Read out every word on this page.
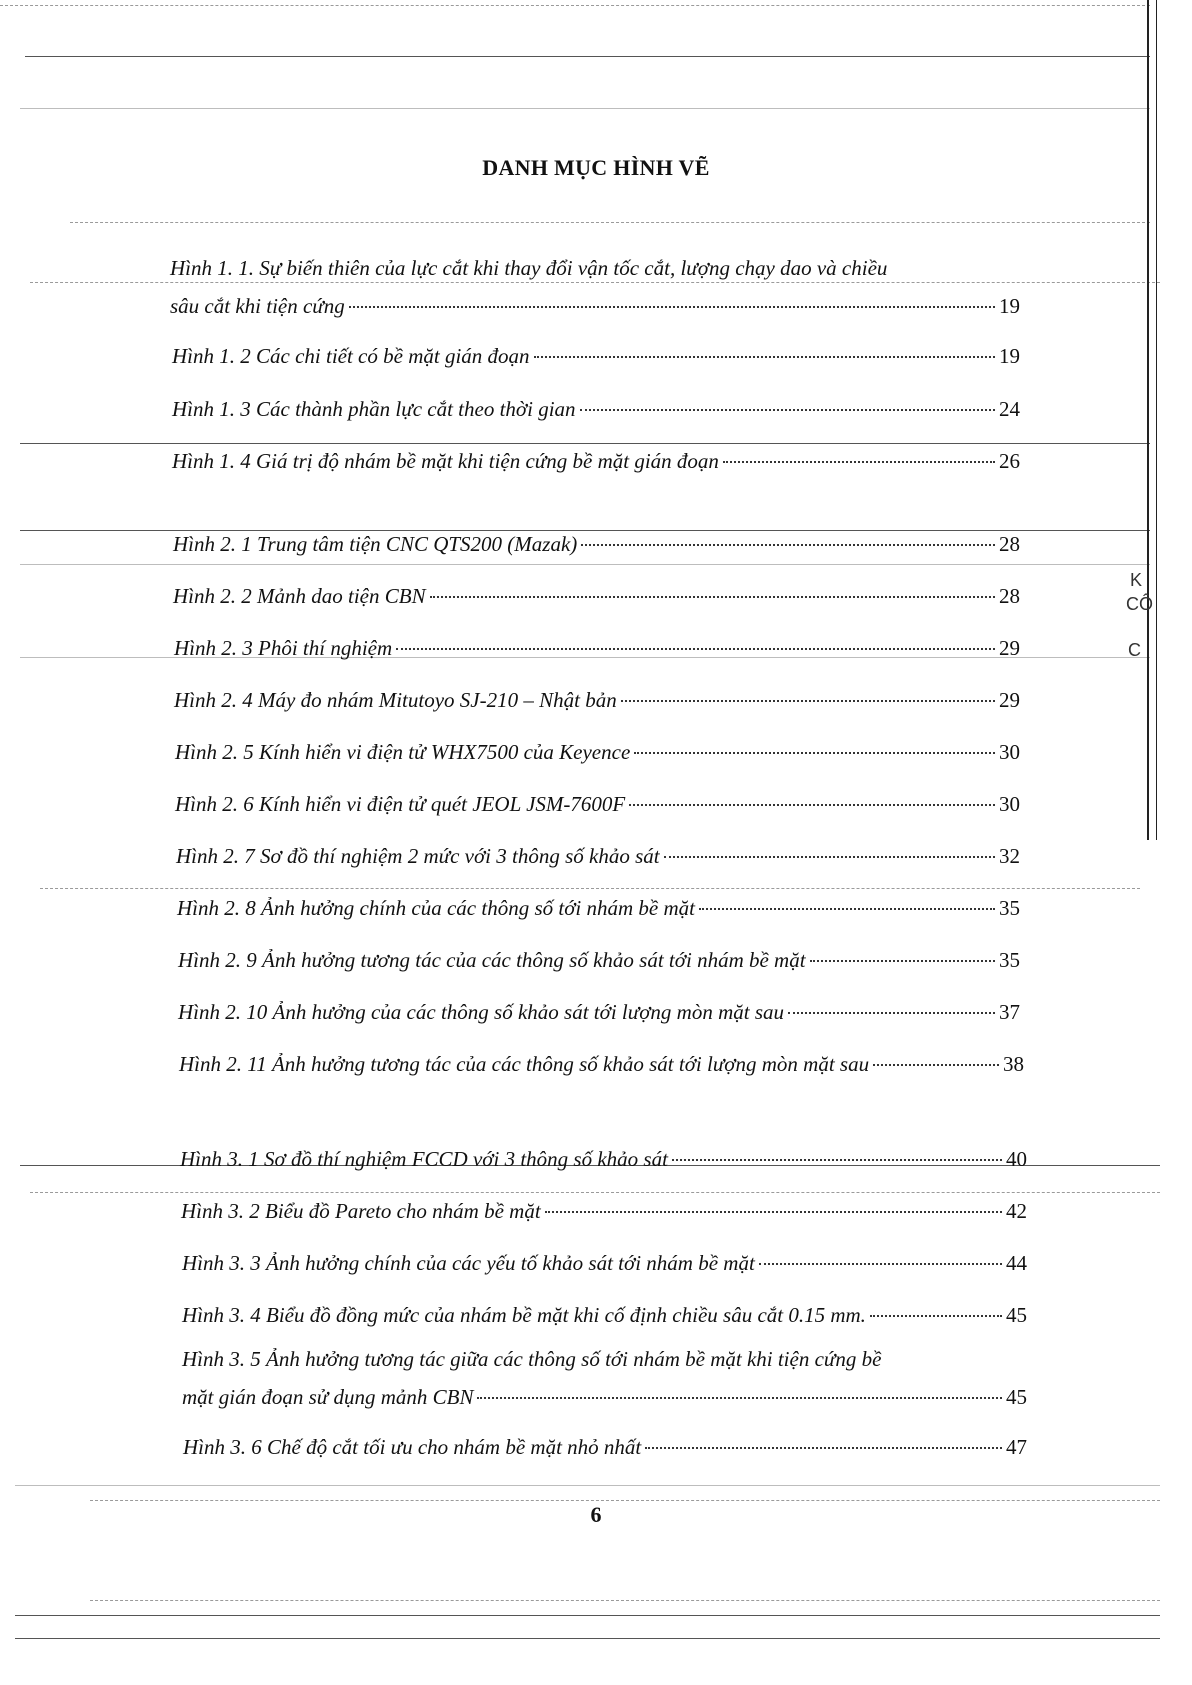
K
CÔ
C
DANH MỤC HÌNH VẼ
Hình 1. 1. Sự biến thiên của lực cắt khi thay đổi vận tốc cắt, lượng chạy dao và chiều
sâu cắt khi tiện cứng	19
Hình 1. 2 Các chi tiết có bề mặt gián đoạn	19
Hình 1. 3 Các thành phần lực cắt theo thời gian	24
Hình 1. 4 Giá trị độ nhám bề mặt khi tiện cứng bề mặt gián đoạn	26
Hình 2. 1 Trung tâm tiện CNC QTS200 (Mazak)	28
Hình 2. 2 Mảnh dao tiện CBN	28
Hình 2. 3 Phôi thí nghiệm	29
Hình 2. 4 Máy đo nhám Mitutoyo SJ-210 – Nhật bản	29
Hình 2. 5 Kính hiển vi điện tử WHX7500 của Keyence	30
Hình 2. 6 Kính hiển vi điện tử quét JEOL JSM-7600F	30
Hình 2. 7 Sơ đồ thí nghiệm 2 mức với 3 thông số khảo sát	32
Hình 2. 8 Ảnh hưởng chính của các thông số tới nhám bề mặt	35
Hình 2. 9 Ảnh hưởng tương tác của các thông số khảo sát tới nhám bề mặt	35
Hình 2. 10 Ảnh hưởng của các thông số khảo sát tới lượng mòn mặt sau	37
Hình 2. 11 Ảnh hưởng tương tác của các thông số khảo sát tới lượng mòn mặt sau	38
Hình 3. 1 Sơ đồ thí nghiệm FCCD với 3 thông số khảo sát	40
Hình 3. 2 Biểu đồ Pareto cho nhám bề mặt	42
Hình 3. 3 Ảnh hưởng chính của các yếu tố khảo sát tới nhám bề mặt	44
Hình 3. 4 Biểu đồ đồng mức của nhám bề mặt khi cố định chiều sâu cắt 0.15 mm.	45
Hình 3. 5 Ảnh hưởng tương tác giữa các thông số tới nhám bề mặt khi tiện cứng bề
mặt gián đoạn sử dụng mảnh CBN	45
Hình 3. 6 Chế độ cắt tối ưu cho nhám bề mặt nhỏ nhất	47
6
